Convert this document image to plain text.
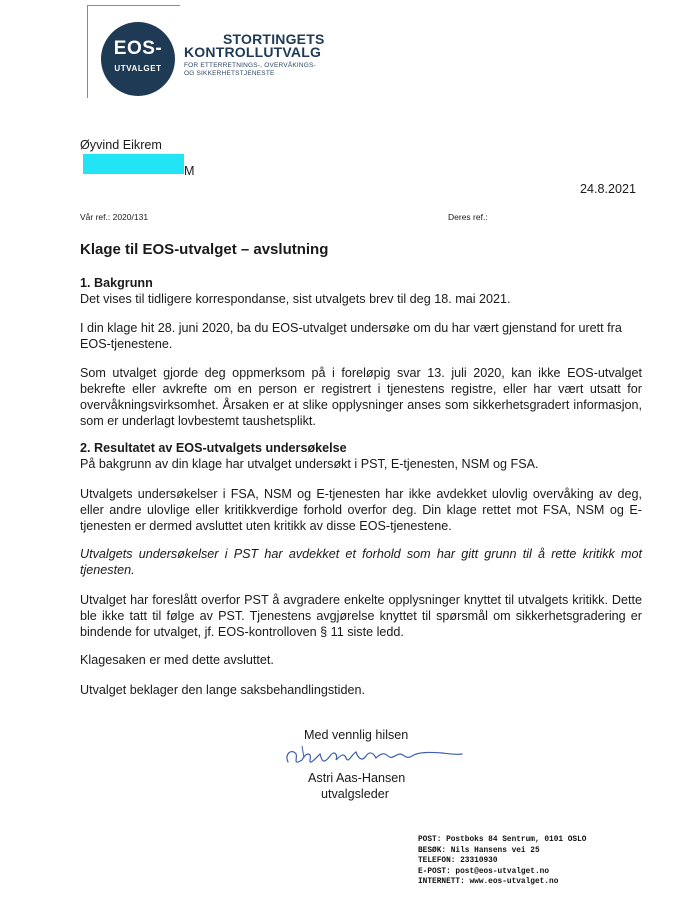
EOS-
UTVALGET
STORTINGETS
KONTROLLUTVALG
FOR ETTERRETNINGS-, OVERVÅKINGS-
OG SIKKERHETSTJENESTE
Øyvind Eikrem
M
24.8.2021
Vår ref.: 2020/131	Deres ref.:
Klage til EOS-utvalget – avslutning
1. Bakgrunn
Det vises til tidligere korrespondanse, sist utvalgets brev til deg 18. mai 2021.
I din klage hit 28. juni 2020, ba du EOS-utvalget undersøke om du har vært gjenstand for urett fra EOS-tjenestene.
Som utvalget gjorde deg oppmerksom på i foreløpig svar 13. juli 2020, kan ikke EOS-utvalget bekrefte eller avkrefte om en person er registrert i tjenestens registre, eller har vært utsatt for overvåkningsvirksomhet. Årsaken er at slike opplysninger anses som sikkerhetsgradert informasjon, som er underlagt lovbestemt taushetsplikt.
2. Resultatet av EOS-utvalgets undersøkelse
På bakgrunn av din klage har utvalget undersøkt i PST, E-tjenesten, NSM og FSA.
Utvalgets undersøkelser i FSA, NSM og E-tjenesten har ikke avdekket ulovlig overvåking av deg, eller andre ulovlige eller kritikkverdige forhold overfor deg. Din klage rettet mot FSA, NSM og E-tjenesten er dermed avsluttet uten kritikk av disse EOS-tjenestene.
Utvalgets undersøkelser i PST har avdekket et forhold som har gitt grunn til å rette kritikk mot tjenesten.
Utvalget har foreslått overfor PST å avgradere enkelte opplysninger knyttet til utvalgets kritikk. Dette ble ikke tatt til følge av PST. Tjenestens avgjørelse knyttet til spørsmål om sikkerhetsgradering er bindende for utvalget, jf. EOS-kontrolloven § 11 siste ledd.
Klagesaken er med dette avsluttet.
Utvalget beklager den lange saksbehandlingstiden.
Med vennlig hilsen
Astri Aas-Hansen
utvalgsleder
POST: Postboks 84 Sentrum, 0101 OSLO
BESØK: Nils Hansens vei 25
TELEFON: 23310930
E-POST: post@eos-utvalget.no
INTERNETT: www.eos-utvalget.no
